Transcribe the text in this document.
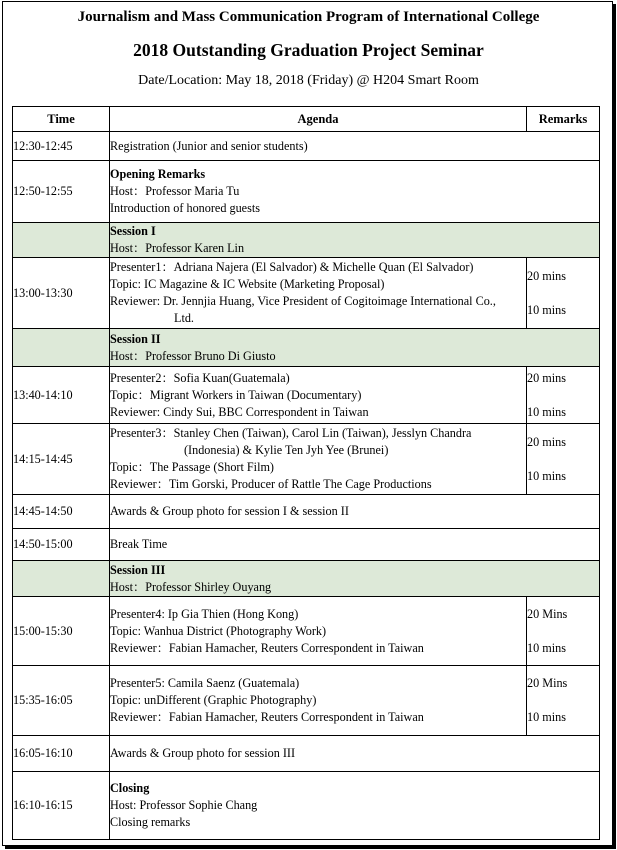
Journalism and Mass Communication Program of International College
2018 Outstanding Graduation Project Seminar
Date/Location: May 18, 2018 (Friday) @ H204 Smart Room
Time	Agenda	Remarks
12:30-12:45	Registration (Junior and senior students)	

12:50-12:55	Opening Remarks
Host：Professor Maria Tu
Introduction of honored guests	

	Session I
Host：Professor Karen Lin	

13:00-13:30	Presenter1：Adriana Najera (El Salvador) & Michelle Quan (El Salvador)
Topic: IC Magazine & IC Website (Marketing Proposal)
Reviewer: Dr. Jennjia Huang, Vice President of Cogitoimage International Co.,
Ltd.	20 mins
10 mins

	Session II
Host：Professor Bruno Di Giusto	

13:40-14:10	Presenter2：Sofia Kuan(Guatemala)
Topic：Migrant Workers in Taiwan (Documentary)
Reviewer: Cindy Sui, BBC Correspondent in Taiwan	20 mins
10 mins

14:15-14:45	Presenter3：Stanley Chen (Taiwan), Carol Lin (Taiwan), Jesslyn Chandra
(Indonesia) & Kylie Ten Jyh Yee (Brunei)
Topic：The Passage (Short Film)
Reviewer：Tim Gorski, Producer of Rattle The Cage Productions	20 mins
10 mins

14:45-14:50	Awards & Group photo for session I & session II	

14:50-15:00	Break Time	

	Session III
Host：Professor Shirley Ouyang	

15:00-15:30	Presenter4: Ip Gia Thien (Hong Kong)
Topic: Wanhua District (Photography Work)
Reviewer：Fabian Hamacher, Reuters Correspondent in Taiwan	20 Mins
10 mins

15:35-16:05	Presenter5: Camila Saenz (Guatemala)
Topic: unDifferent (Graphic Photography)
Reviewer：Fabian Hamacher, Reuters Correspondent in Taiwan	20 Mins
10 mins

16:05-16:10	Awards & Group photo for session III	

16:10-16:15	Closing
Host: Professor Sophie Chang
Closing remarks	
